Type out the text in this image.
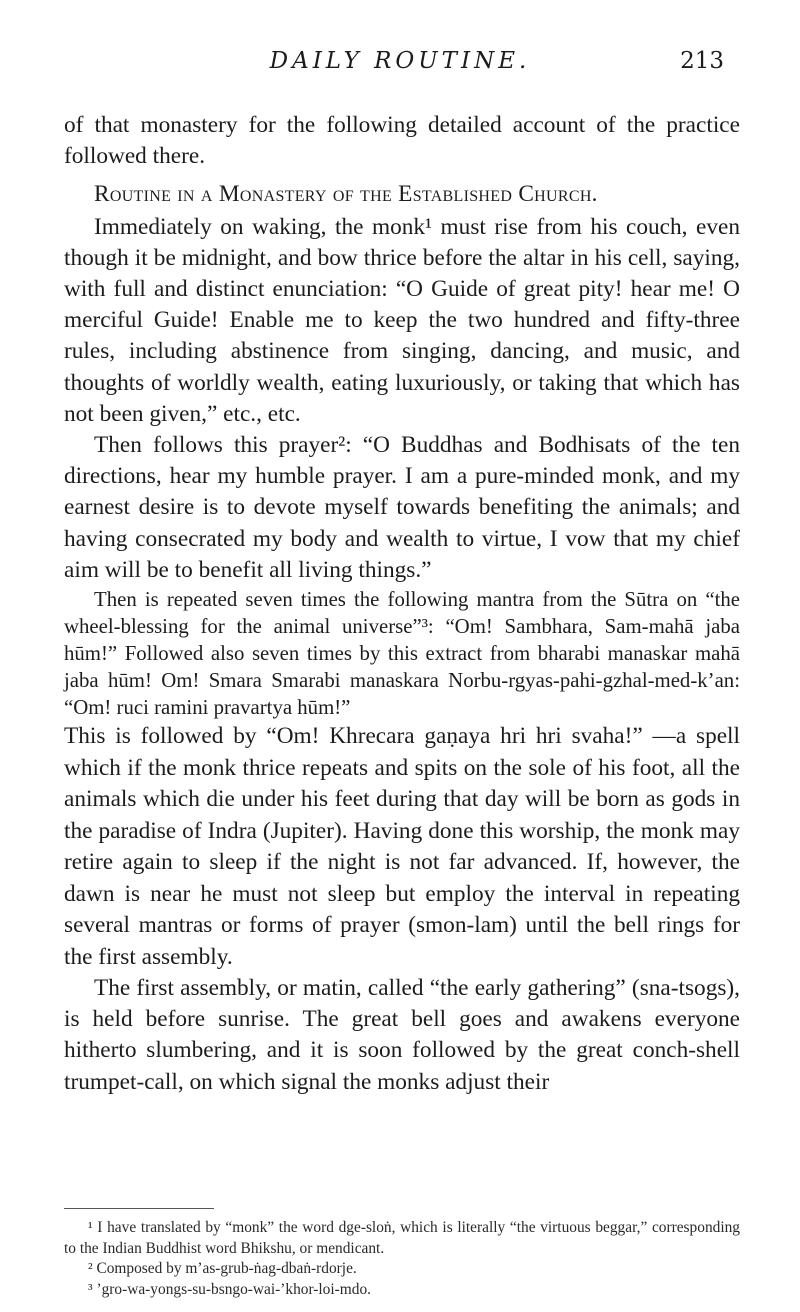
DAILY ROUTINE.	213

of that monastery for the following detailed account of the practice followed there.

Routine in a Monastery of the Established Church.

Immediately on waking, the monk¹ must rise from his couch, even though it be midnight, and bow thrice before the altar in his cell, saying, with full and distinct enunciation: “O Guide of great pity! hear me! O merciful Guide! Enable me to keep the two hundred and fifty-three rules, including abstinence from singing, dancing, and music, and thoughts of worldly wealth, eating luxuriously, or taking that which has not been given,” etc., etc.

Then follows this prayer²: “O Buddhas and Bodhisats of the ten directions, hear my humble prayer. I am a pure-minded monk, and my earnest desire is to devote myself towards benefiting the animals; and having consecrated my body and wealth to virtue, I vow that my chief aim will be to benefit all living things.”

Then is repeated seven times the following mantra from the Sūtra on “the wheel-blessing for the animal universe”³: “Om! Sambhara, Sam-mahā jaba hūm!” Followed also seven times by this extract from bharabi manaskar mahā jaba hūm! Om! Smara Smarabi manaskara Norbu-rgyas-pahi-gzhal-med-k’an: “Om! ruci ramini pravartya hūm!”

This is followed by “Om! Khrecara gaṇaya hri hri svaha!” —a spell which if the monk thrice repeats and spits on the sole of his foot, all the animals which die under his feet during that day will be born as gods in the paradise of Indra (Jupiter). Having done this worship, the monk may retire again to sleep if the night is not far advanced. If, however, the dawn is near he must not sleep but employ the interval in repeating several mantras or forms of prayer (smon-lam) until the bell rings for the first assembly.

The first assembly, or matin, called “the early gathering” (sna-tsogs), is held before sunrise. The great bell goes and awakens everyone hitherto slumbering, and it is soon followed by the great conch-shell trumpet-call, on which signal the monks adjust their

¹ I have translated by “monk” the word dge-sloṅ, which is literally “the virtuous beggar,” corresponding to the Indian Buddhist word Bhikshu, or mendicant.

² Composed by m’as-grub-ṅag-dbaṅ-rdorje.

³ ’gro-wa-yongs-su-bsngo-wai-’khor-loi-mdo.
